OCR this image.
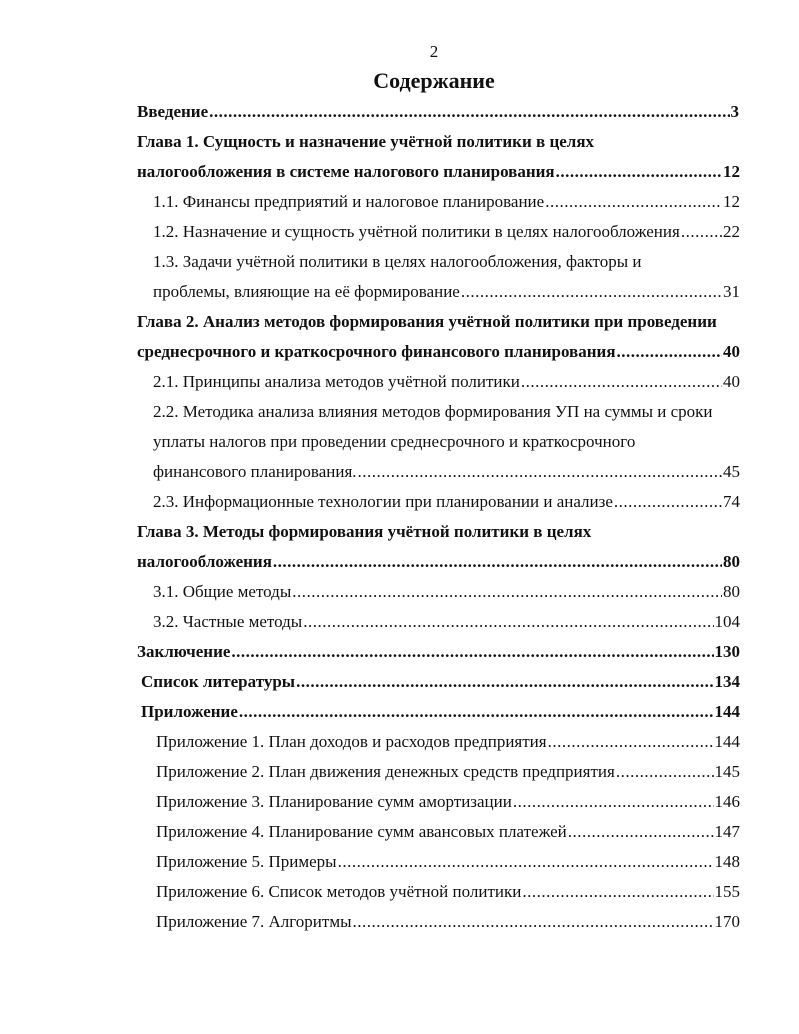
2
Содержание
Введение .....	3
Глава 1. Сущность и назначение учётной политики в целях
налогообложения в системе налогового планирования .....	12
1.1. Финансы предприятий и налоговое планирование .....	12
1.2. Назначение и сущность учётной политики в целях налогообложения .....	22
1.3. Задачи учётной политики в целях налогообложения, факторы и
проблемы, влияющие на её формирование .....	31
Глава 2. Анализ методов формирования учётной политики при проведении
среднесрочного и краткосрочного финансового планирования .....	40
2.1. Принципы анализа методов учётной политики .....	40
2.2. Методика анализа влияния методов формирования УП на суммы и сроки
уплаты налогов при проведении среднесрочного и краткосрочного
финансового планирования. .....	45
2.3. Информационные технологии при планировании и анализе .....	74
Глава 3. Методы формирования учётной политики в целях
налогообложения .....	80
3.1. Общие методы .....	80
3.2. Частные методы .....	104
Заключение .....	130
Список литературы .....	134
Приложение .....	144
Приложение 1. План доходов и расходов предприятия .....	144
Приложение 2. План движения денежных средств предприятия .....	145
Приложение 3. Планирование сумм амортизации .....	146
Приложение 4. Планирование сумм авансовых платежей .....	147
Приложение 5. Примеры .....	148
Приложение 6. Список методов учётной политики .....	155
Приложение 7. Алгоритмы .....	170
